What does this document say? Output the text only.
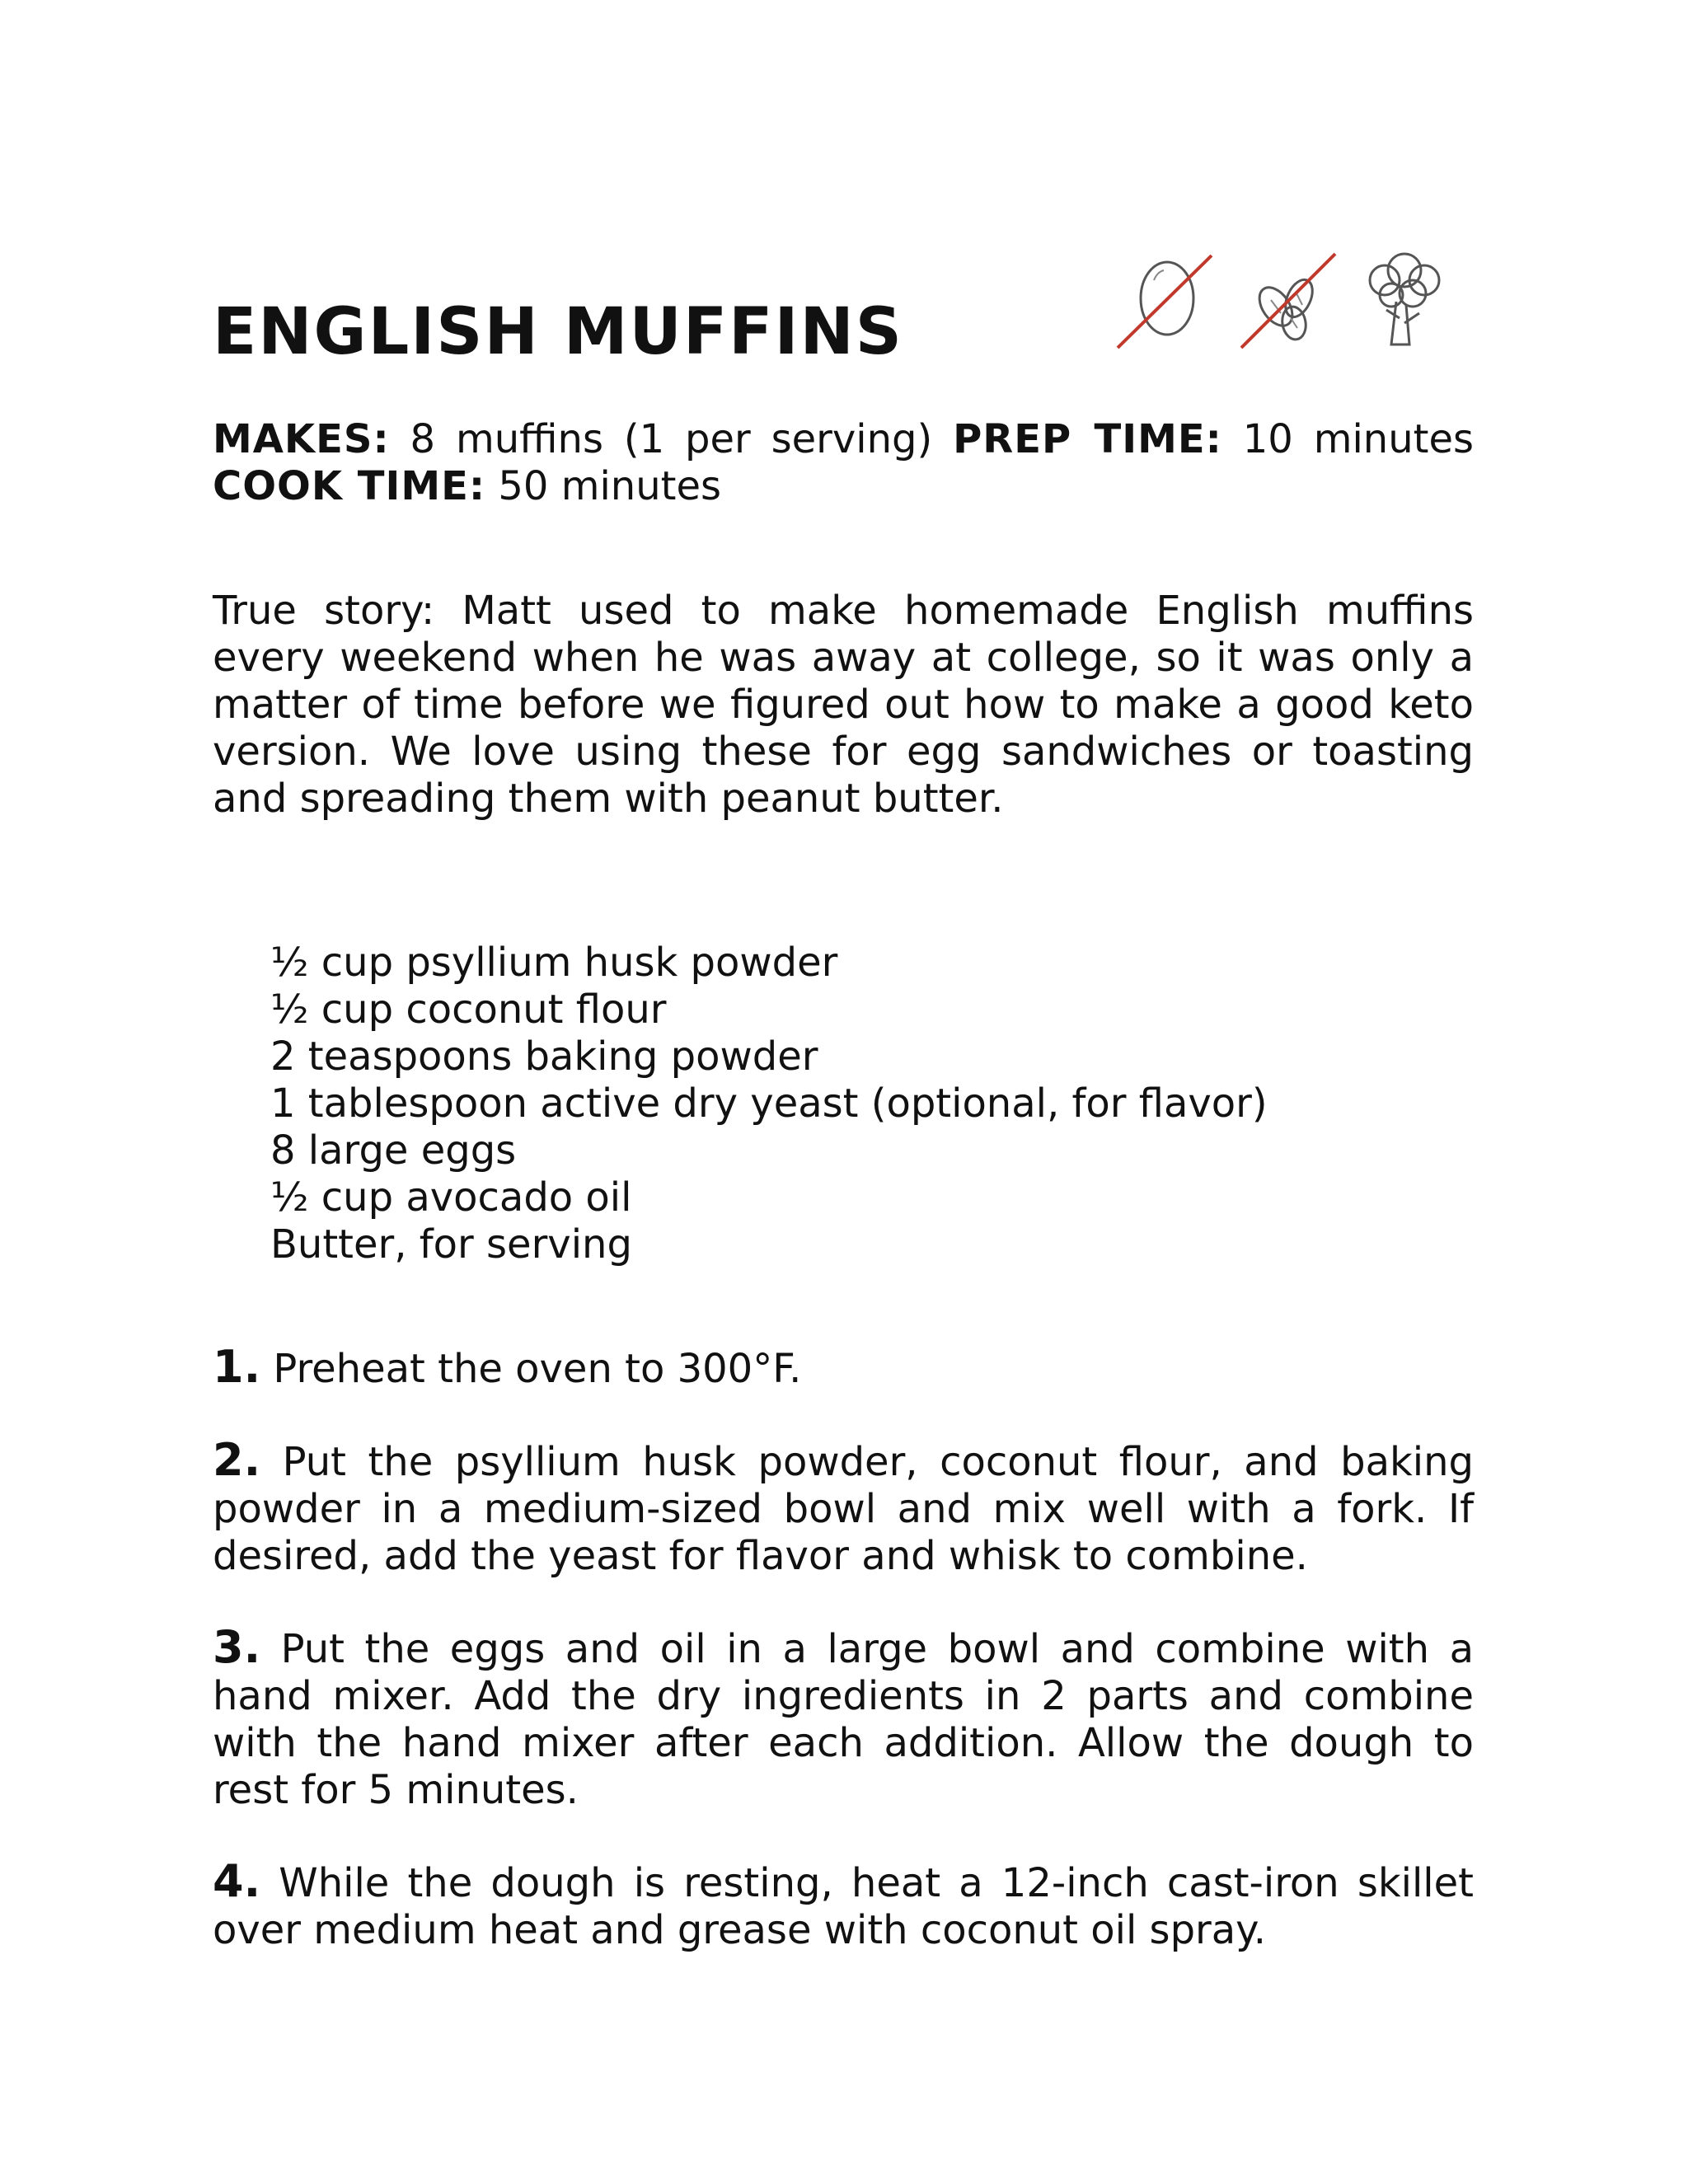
ENGLISH MUFFINS
MAKES: 8 muffins (1 per serving) PREP TIME: 10 minutes COOK TIME: 50 minutes

True story: Matt used to make homemade English muffins every weekend when he was away at college, so it was only a matter of time before we figured out how to make a good keto version. We love using these for egg sandwiches or toasting and spreading them with peanut butter.

½ cup psyllium husk powder
½ cup coconut flour
2 teaspoons baking powder
1 tablespoon active dry yeast (optional, for flavor)
8 large eggs
½ cup avocado oil
Butter, for serving
1. Preheat the oven to 300°F.
2. Put the psyllium husk powder, coconut flour, and baking powder in a medium-sized bowl and mix well with a fork. If desired, add the yeast for flavor and whisk to combine.
3. Put the eggs and oil in a large bowl and combine with a hand mixer. Add the dry ingredients in 2 parts and combine with the hand mixer after each addition. Allow the dough to rest for 5 minutes.
4. While the dough is resting, heat a 12-inch cast-iron skillet over medium heat and grease with coconut oil spray.
